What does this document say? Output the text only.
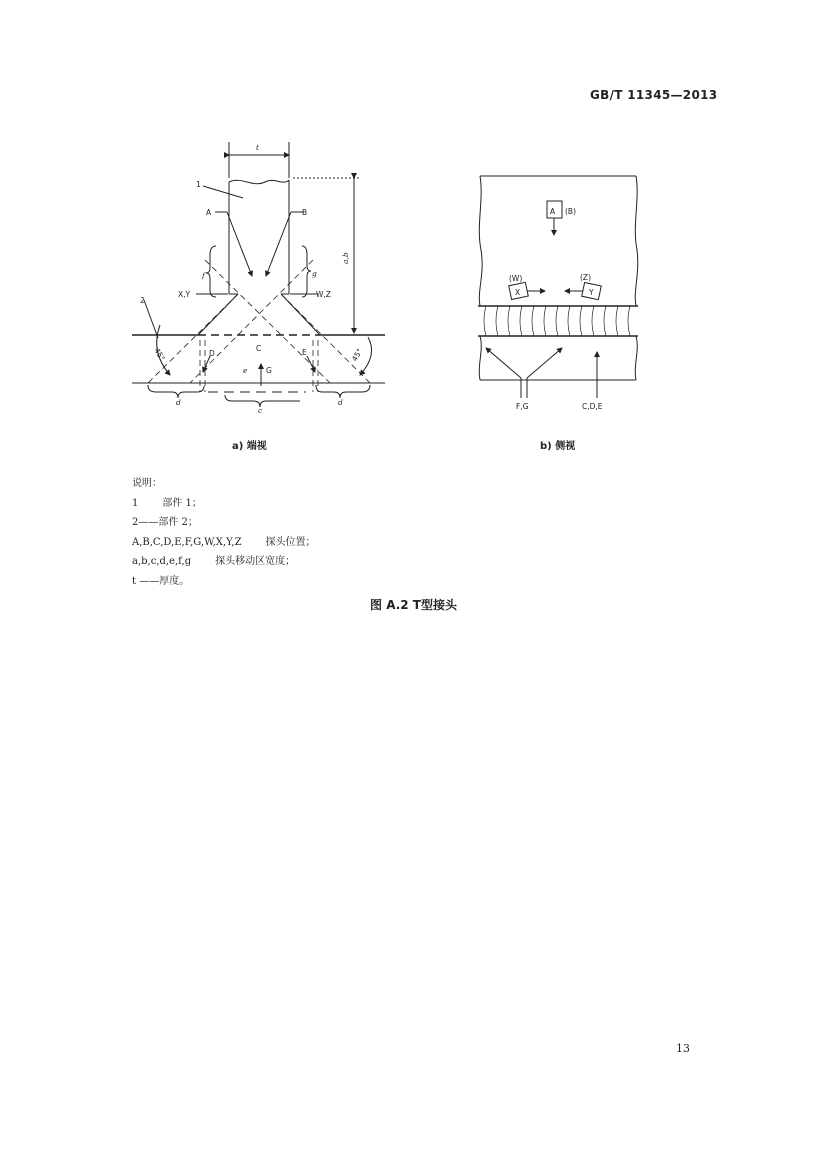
GB/T 11345—2013
t
1
A	B
f	g
X,Y	W,Z
a,b
2
45°	45°
D
C	E
e G
d
c
d
A (B)
(W)
X
(Z)
Y
F,G	C,D,E
a) 端视	b) 侧视
说明：
1 部件 1；
2——部件 2；
A,B,C,D,E,F,G,W,X,Y,Z 探头位置；
a,b,c,d,e,f,g 探头移动区宽度；
t ——厚度。
图 A.2 T型接头
13
